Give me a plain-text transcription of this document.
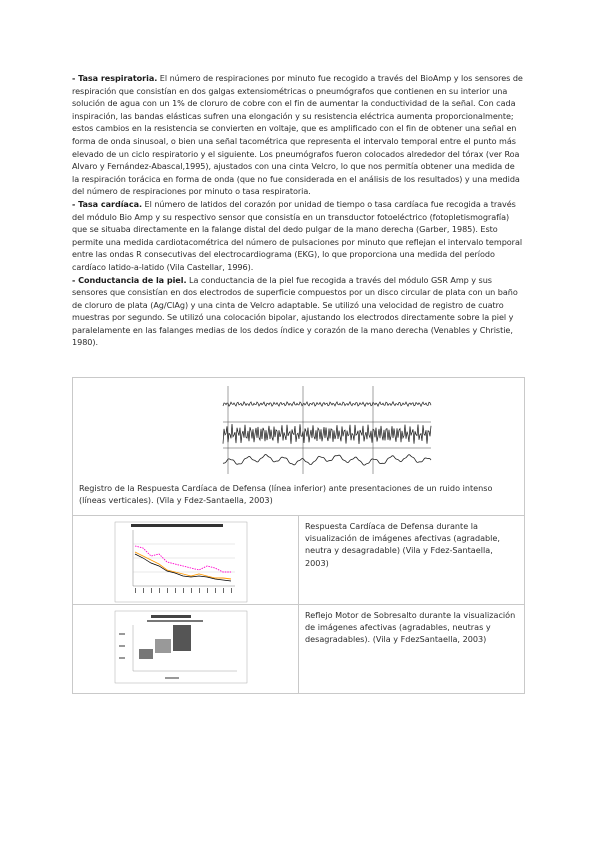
- Tasa respiratoria. El número de respiraciones por minuto fue recogido a través del BioAmp y los sensores de respiración que consistían en dos galgas extensiométricas o pneumógrafos que contienen en su interior una solución de agua con un 1% de cloruro de cobre con el fin de aumentar la conductividad de la señal. Con cada inspiración, las bandas elásticas sufren una elongación y su resistencia eléctrica aumenta proporcionalmente; estos cambios en la resistencia se convierten en voltaje, que es amplificado con el fin de obtener una señal en forma de onda sinusoal, o bien una señal tacométrica que representa el intervalo temporal entre el punto más elevado de un ciclo respiratorio y el siguiente. Los pneumógrafos fueron colocados alrededor del tórax (ver Roa Alvaro y Fernández-Abascal,1995), ajustados con una cinta Velcro, lo que nos permitía obtener una medida de la respiración torácica en forma de onda (que no fue considerada en el análisis de los resultados) y una medida del número de respiraciones por minuto o tasa respiratoria.

- Tasa cardíaca. El número de latidos del corazón por unidad de tiempo o tasa cardíaca fue recogida a través del módulo Bio Amp y su respectivo sensor que consistía en un transductor fotoeléctrico (fotopletismografía) que se situaba directamente en la falange distal del dedo pulgar de la mano derecha (Garber, 1985). Esto permite una medida cardiotacométrica del número de pulsaciones por minuto que reflejan el intervalo temporal entre las ondas R consecutivas del electrocardiograma (EKG), lo que proporciona una medida del período cardíaco latido-a-latido (Vila Castellar, 1996).

- Conductancia de la piel. La conductancia de la piel fue recogida a través del módulo GSR Amp y sus sensores que consistían en dos electrodos de superficie compuestos por un disco circular de plata con un baño de cloruro de plata (Ag/ClAg) y una cinta de Velcro adaptable. Se utilizó una velocidad de registro de cuatro muestras por segundo. Se utilizó una colocación bipolar, ajustando los electrodos directamente sobre la piel y paralelamente en las falanges medias de los dedos índice y corazón de la mano derecha (Venables y Christie, 1980).

Registro de la Respuesta Cardíaca de Defensa (línea inferior) ante presentaciones de un ruido intenso (líneas verticales). (Vila y Fdez-Santaella, 2003)	

Respuesta Cardíaca de Defensa durante la visualización de imágenes afectivas (agradable, neutra y desagradable) (Vila y Fdez-Santaella, 2003)

Reflejo Motor de Sobresalto durante la visualización de imágenes afectivas (agradables, neutras y desagradables). (Vila y FdezSantaella, 2003)
